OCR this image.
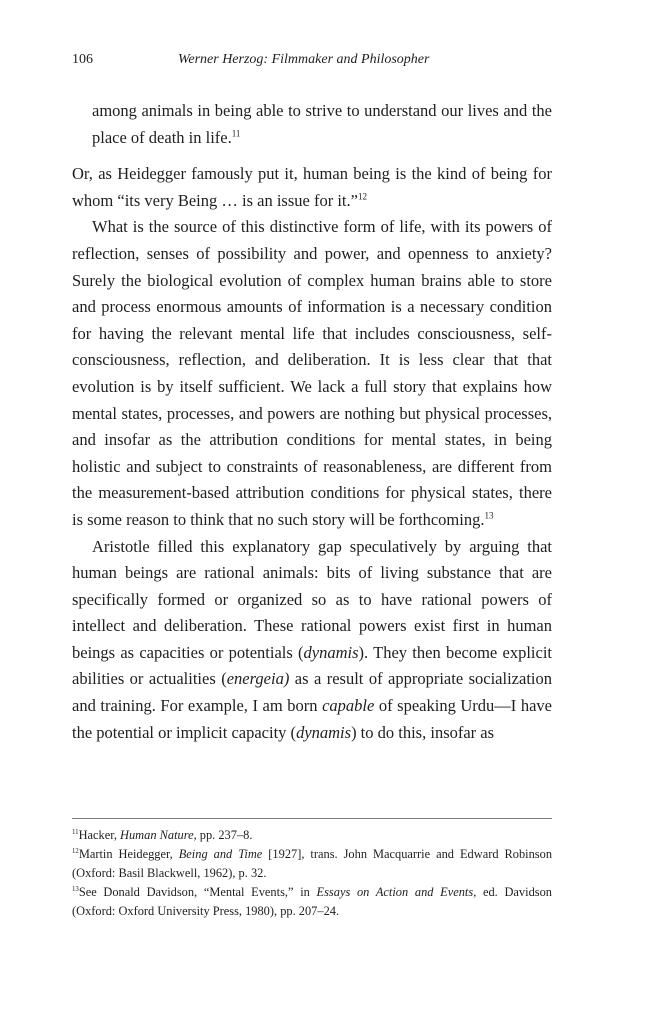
106	Werner Herzog: Filmmaker and Philosopher

among animals in being able to strive to understand our lives and the place of death in life.$^{11}$

Or, as Heidegger famously put it, human being is the kind of being for whom “its very Being … is an issue for it.”$^{12}$

What is the source of this distinctive form of life, with its powers of reflection, senses of possibility and power, and openness to anxiety? Surely the biological evolution of complex human brains able to store and process enormous amounts of information is a necessary condition for having the relevant mental life that includes consciousness, self-consciousness, reflection, and deliberation. It is less clear that that evolution is by itself sufficient. We lack a full story that explains how mental states, processes, and powers are nothing but physical processes, and insofar as the attribution conditions for mental states, in being holistic and subject to constraints of reasonableness, are different from the measurement-based attribution conditions for physical states, there is some reason to think that no such story will be forthcoming.$^{13}$

Aristotle filled this explanatory gap speculatively by arguing that human beings are rational animals: bits of living substance that are specifically formed or organized so as to have rational powers of intellect and deliberation. These rational powers exist first in human beings as capacities or potentials (dynamis). They then become explicit abilities or actualities (energeia) as a result of appropriate socialization and training. For example, I am born capable of speaking Urdu—I have the potential or implicit capacity (dynamis) to do this, insofar as

$^{11}$Hacker, Human Nature, pp. 237–8.

$^{12}$Martin Heidegger, Being and Time [1927], trans. John Macquarrie and Edward Robinson (Oxford: Basil Blackwell, 1962), p. 32.

$^{13}$See Donald Davidson, “Mental Events,” in Essays on Action and Events, ed. Davidson (Oxford: Oxford University Press, 1980), pp. 207–24.
